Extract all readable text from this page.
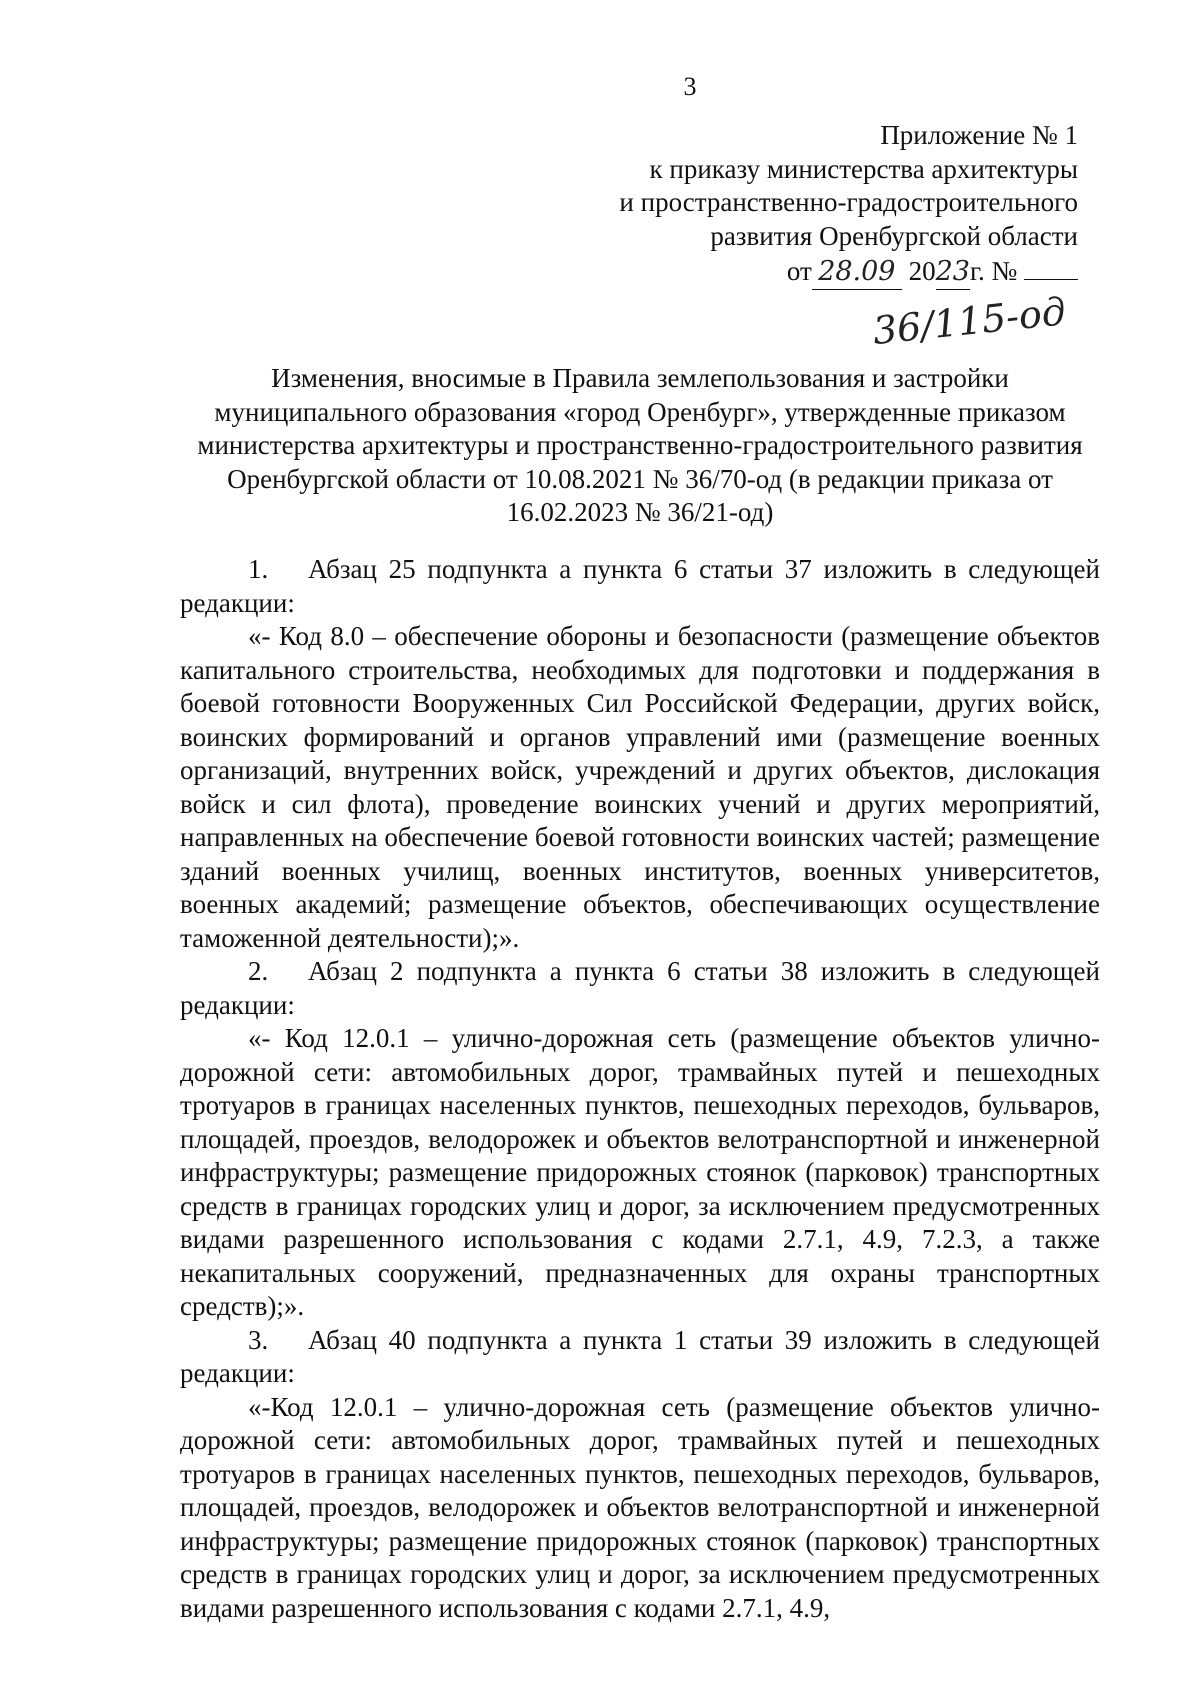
3
Приложение № 1
к приказу министерства архитектуры
и пространственно-градостроительного
развития Оренбургской области
от 28.09 2023г. №
36/115-од
Изменения, вносимые в Правила землепользования и застройки муниципального образования «город Оренбург», утвержденные приказом министерства архитектуры и пространственно-градостроительного развития Оренбургской области от 10.08.2021 № 36/70-од (в редакции приказа от 16.02.2023 № 36/21-од)

1. Абзац 25 подпункта а пункта 6 статьи 37 изложить в следующей редакции:

«- Код 8.0 – обеспечение обороны и безопасности (размещение объектов капитального строительства, необходимых для подготовки и поддержания в боевой готовности Вооруженных Сил Российской Федерации, других войск, воинских формирований и органов управлений ими (размещение военных организаций, внутренних войск, учреждений и других объектов, дислокация войск и сил флота), проведение воинских учений и других мероприятий, направленных на обеспечение боевой готовности воинских частей; размещение зданий военных училищ, военных институтов, военных университетов, военных академий; размещение объектов, обеспечивающих осуществление таможенной деятельности);».

2. Абзац 2 подпункта а пункта 6 статьи 38 изложить в следующей редакции:

«- Код 12.0.1 – улично-дорожная сеть (размещение объектов улично-дорожной сети: автомобильных дорог, трамвайных путей и пешеходных тротуаров в границах населенных пунктов, пешеходных переходов, бульваров, площадей, проездов, велодорожек и объектов велотранспортной и инженерной инфраструктуры; размещение придорожных стоянок (парковок) транспортных средств в границах городских улиц и дорог, за исключением предусмотренных видами разрешенного использования с кодами 2.7.1, 4.9, 7.2.3, а также некапитальных сооружений, предназначенных для охраны транспортных средств);».

3. Абзац 40 подпункта а пункта 1 статьи 39 изложить в следующей редакции:

«-Код 12.0.1 – улично-дорожная сеть (размещение объектов улично-дорожной сети: автомобильных дорог, трамвайных путей и пешеходных тротуаров в границах населенных пунктов, пешеходных переходов, бульваров, площадей, проездов, велодорожек и объектов велотранспортной и инженерной инфраструктуры; размещение придорожных стоянок (парковок) транспортных средств в границах городских улиц и дорог, за исключением предусмотренных видами разрешенного использования с кодами 2.7.1, 4.9,
